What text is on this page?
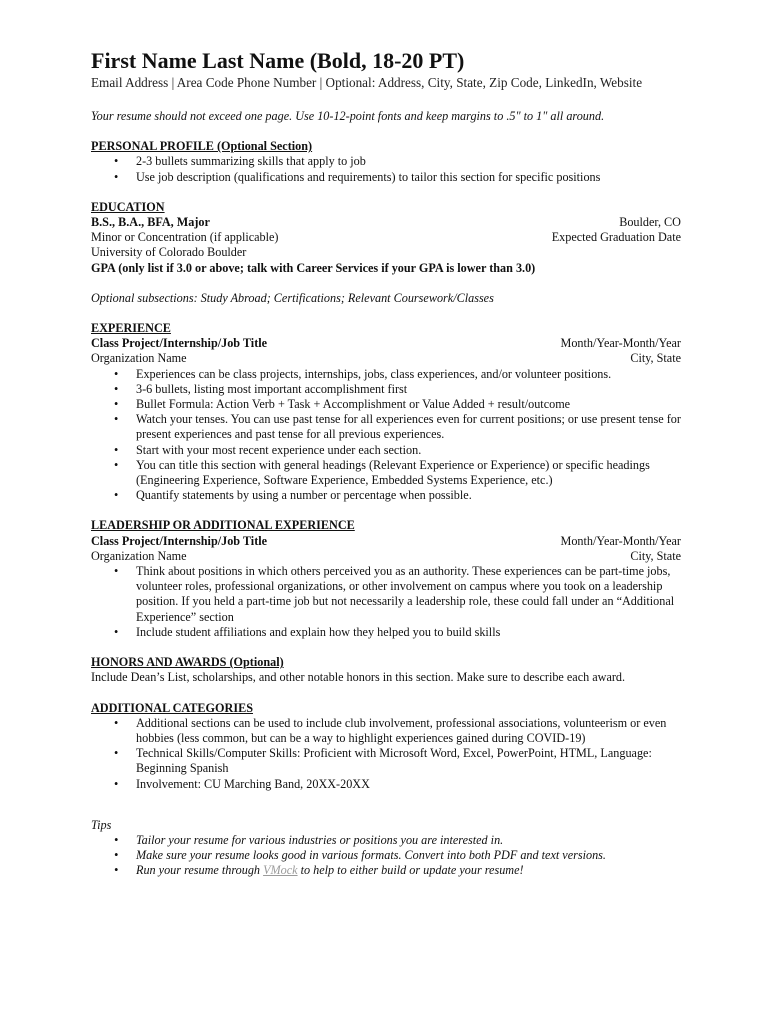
First Name Last Name (Bold, 18-20 PT)
Email Address | Area Code Phone Number | Optional: Address, City, State, Zip Code, LinkedIn, Website
Your resume should not exceed one page. Use 10-12-point fonts and keep margins to .5" to 1" all around.
PERSONAL PROFILE (Optional Section)
• 2-3 bullets summarizing skills that apply to job
• Use job description (qualifications and requirements) to tailor this section for specific positions
EDUCATION
B.S., B.A., BFA, Major	Boulder, CO
Minor or Concentration (if applicable)	Expected Graduation Date
University of Colorado Boulder
GPA (only list if 3.0 or above; talk with Career Services if your GPA is lower than 3.0)
Optional subsections: Study Abroad; Certifications; Relevant Coursework/Classes
EXPERIENCE
Class Project/Internship/Job Title	Month/Year-Month/Year
Organization Name	City, State
• Experiences can be class projects, internships, jobs, class experiences, and/or volunteer positions.
• 3-6 bullets, listing most important accomplishment first
• Bullet Formula: Action Verb + Task + Accomplishment or Value Added + result/outcome
• Watch your tenses. You can use past tense for all experiences even for current positions; or use present tense for present experiences and past tense for all previous experiences.
• Start with your most recent experience under each section.
• You can title this section with general headings (Relevant Experience or Experience) or specific headings (Engineering Experience, Software Experience, Embedded Systems Experience, etc.)
• Quantify statements by using a number or percentage when possible.
LEADERSHIP OR ADDITIONAL EXPERIENCE
Class Project/Internship/Job Title	Month/Year-Month/Year
Organization Name	City, State
• Think about positions in which others perceived you as an authority. These experiences can be part-time jobs, volunteer roles, professional organizations, or other involvement on campus where you took on a leadership position. If you held a part-time job but not necessarily a leadership role, these could fall under an “Additional Experience” section
• Include student affiliations and explain how they helped you to build skills
HONORS AND AWARDS (Optional)
Include Dean’s List, scholarships, and other notable honors in this section. Make sure to describe each award.
ADDITIONAL CATEGORIES
• Additional sections can be used to include club involvement, professional associations, volunteerism or even hobbies (less common, but can be a way to highlight experiences gained during COVID-19)
• Technical Skills/Computer Skills: Proficient with Microsoft Word, Excel, PowerPoint, HTML, Language: Beginning Spanish
• Involvement: CU Marching Band, 20XX-20XX
Tips
• Tailor your resume for various industries or positions you are interested in.
• Make sure your resume looks good in various formats. Convert into both PDF and text versions.
• Run your resume through VMock to help to either build or update your resume!
